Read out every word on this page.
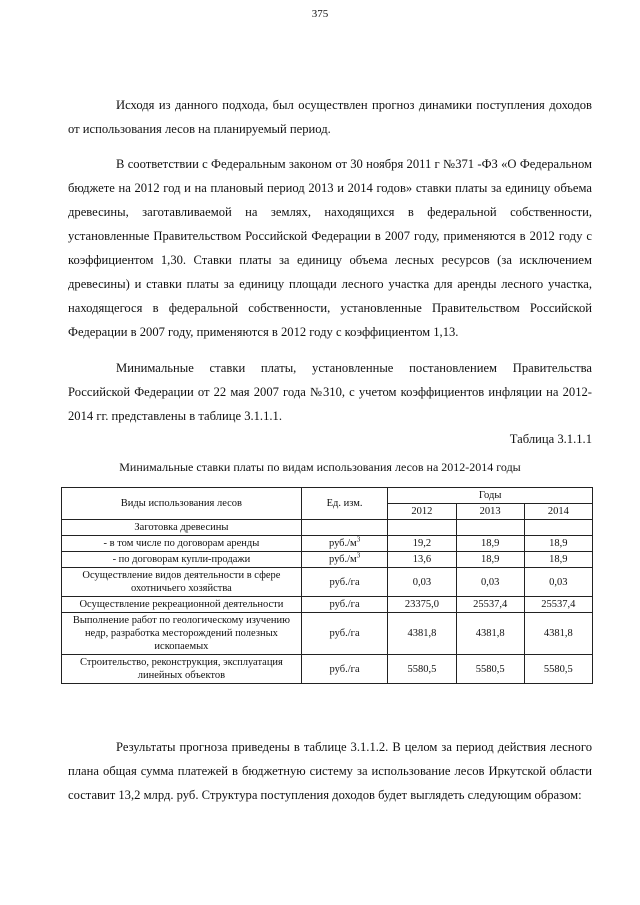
375

Исходя из данного подхода, был осуществлен прогноз динамики поступления доходов от использования лесов на планируемый период.

В соответствии с Федеральным законом от 30 ноября 2011 г №371 -ФЗ «О Федеральном бюджете на 2012 год и на плановый период 2013 и 2014 годов» ставки платы за единицу объема древесины, заготавливаемой на землях, находящихся в федеральной собственности, установленные Правительством Российской Федерации в 2007 году, применяются в 2012 году с коэффициентом 1,30. Ставки платы за единицу объема лесных ресурсов (за исключением древесины) и ставки платы за единицу площади лесного участка для аренды лесного участка, находящегося в федеральной собственности, установленные Правительством Российской Федерации в 2007 году, применяются в 2012 году с коэффициентом 1,13.

Минимальные ставки платы, установленные постановлением Правительства Российской Федерации от 22 мая 2007 года №310, с учетом коэффициентов инфляции на 2012-2014 гг. представлены в таблице 3.1.1.1.

Таблица 3.1.1.1
Минимальные ставки платы по видам использования лесов на 2012-2014 годы
Виды использования лесов	Ед. изм.	Годы		
		2012	2013	2014
Заготовка древесины				
- в том числе по договорам аренды	$руб./м^3$	19,2	18,9	18,9
- по договорам купли-продажи	$руб./м^3$	13,6	18,9	18,9
Осуществление видов деятельности в сфере охотничьего хозяйства	руб./га	0,03	0,03	0,03
Осуществление рекреационной деятельности	руб./га	23375,0	25537,4	25537,4
Выполнение работ по геологическому изучению недр, разработка месторождений полезных ископаемых	руб./га	4381,8	4381,8	4381,8
Строительство, реконструкция, эксплуатация линейных объектов	руб./га	5580,5	5580,5	5580,5

Результаты прогноза приведены в таблице 3.1.1.2. В целом за период действия лесного плана общая сумма платежей в бюджетную систему за использование лесов Иркутской области составит 13,2 млрд. руб. Структура поступления доходов будет выглядеть следующим образом:
